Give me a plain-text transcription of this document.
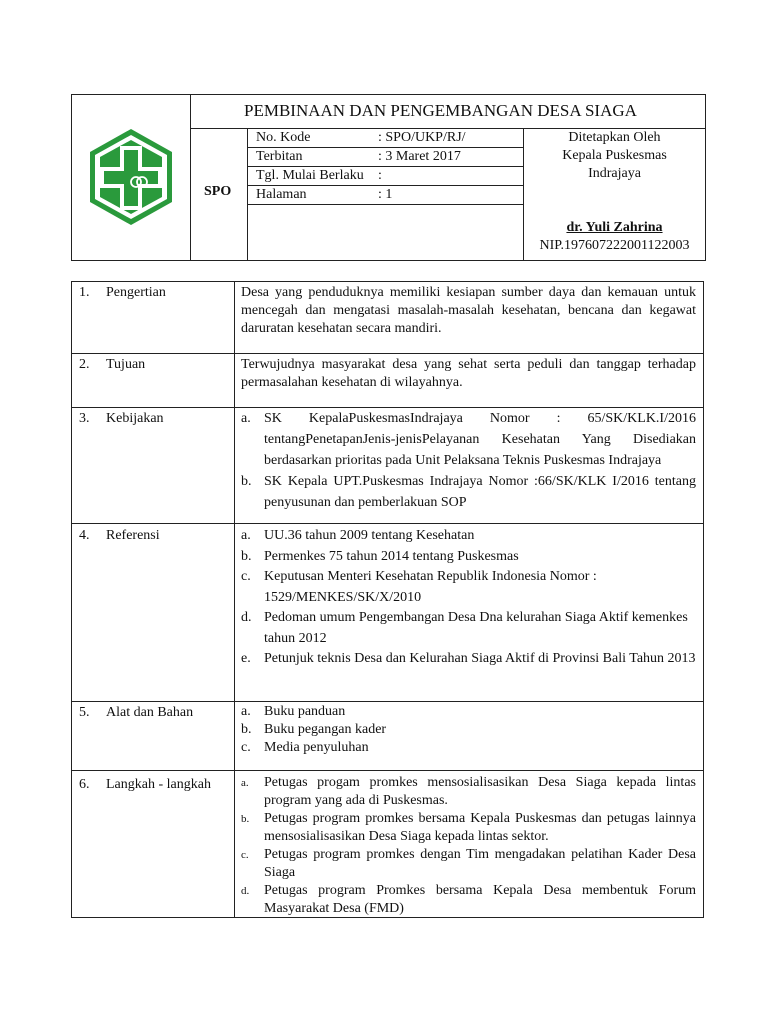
PEMBINAAN DAN PENGEMBANGAN DESA SIAGA
SPO
No. Kode	: SPO/UKP/RJ/
Terbitan	: 3 Maret 2017
Tgl. Mulai Berlaku :
Halaman	: 1
Ditetapkan Oleh
Kepala Puskesmas
Indrajaya
dr. Yuli Zahrina
NIP.197607222001122003
1. Pengertian	Desa yang penduduknya memiliki kesiapan sumber daya dan kemauan untuk mencegah dan mengatasi masalah-masalah kesehatan, bencana dan kegawat daruratan kesehatan secara mandiri.
2. Tujuan	Terwujudnya masyarakat desa yang sehat serta peduli dan tanggap terhadap permasalahan kesehatan di wilayahnya.
3. Kebijakan	a. SK KepalaPuskesmasIndrajaya Nomor : 65/SK/KLK.I/2016 tentangPenetapanJenis-jenisPelayanan Kesehatan Yang Disediakan berdasarkan prioritas pada Unit Pelaksana Teknis Puskesmas Indrajaya
b. SK Kepala UPT.Puskesmas Indrajaya Nomor :66/SK/KLK I/2016 tentang penyusunan dan pemberlakuan SOP
4. Referensi	a. UU.36 tahun 2009 tentang Kesehatan
b. Permenkes 75 tahun 2014 tentang Puskesmas
c. Keputusan Menteri Kesehatan Republik Indonesia Nomor : 1529/MENKES/SK/X/2010
d. Pedoman umum Pengembangan Desa Dna kelurahan Siaga Aktif kemenkes tahun 2012
e. Petunjuk teknis Desa dan Kelurahan Siaga Aktif di Provinsi Bali Tahun 2013
5. Alat dan Bahan	a. Buku panduan
b. Buku pegangan kader
c. Media penyuluhan
6. Langkah - langkah	a. Petugas progam promkes mensosialisasikan Desa Siaga kepada lintas program yang ada di Puskesmas.
b. Petugas program promkes bersama Kepala Puskesmas dan petugas lainnya mensosialisasikan Desa Siaga kepada lintas sektor.
c. Petugas program promkes dengan Tim mengadakan pelatihan Kader Desa Siaga
d. Petugas program Promkes bersama Kepala Desa membentuk Forum Masyarakat Desa (FMD)
